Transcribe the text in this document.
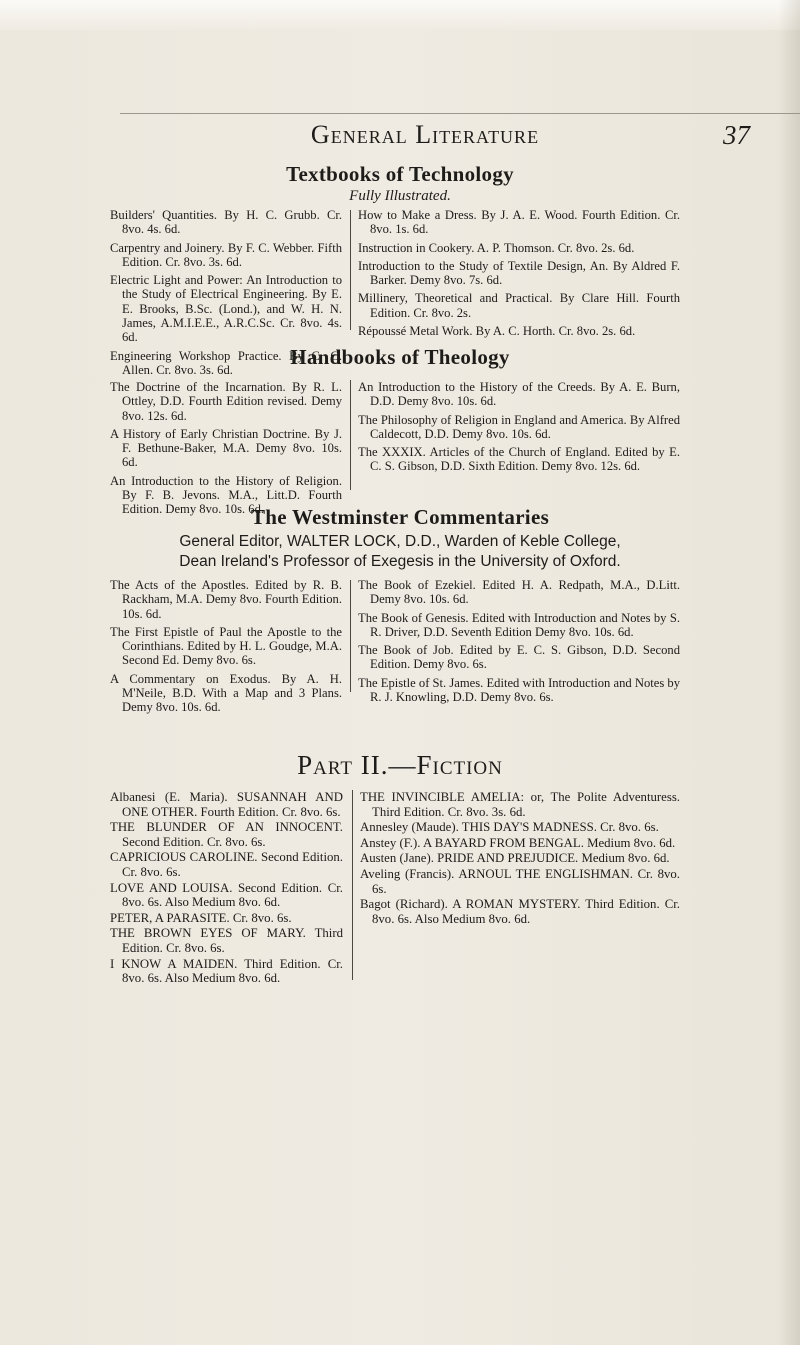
General Literature	37
Textbooks of Technology
Fully Illustrated.

Builders' Quantities. By H. C. Grubb. Cr. 8vo. 4s. 6d.

Carpentry and Joinery. By F. C. Webber. Fifth Edition. Cr. 8vo. 3s. 6d.

Electric Light and Power: An Introduction to the Study of Electrical Engineering. By E. E. Brooks, B.Sc. (Lond.), and W. H. N. James, A.M.I.E.E., A.R.C.Sc. Cr. 8vo. 4s. 6d.

Engineering Workshop Practice. By C. C. Allen. Cr. 8vo. 3s. 6d.

How to Make a Dress. By J. A. E. Wood. Fourth Edition. Cr. 8vo. 1s. 6d.

Instruction in Cookery. A. P. Thomson. Cr. 8vo. 2s. 6d.

Introduction to the Study of Textile Design, An. By Aldred F. Barker. Demy 8vo. 7s. 6d.

Millinery, Theoretical and Practical. By Clare Hill. Fourth Edition. Cr. 8vo. 2s.

Répoussé Metal Work. By A. C. Horth. Cr. 8vo. 2s. 6d.

Handbooks of Theology

The Doctrine of the Incarnation. By R. L. Ottley, D.D. Fourth Edition revised. Demy 8vo. 12s. 6d.

A History of Early Christian Doctrine. By J. F. Bethune-Baker, M.A. Demy 8vo. 10s. 6d.

An Introduction to the History of Religion. By F. B. Jevons. M.A., Litt.D. Fourth Edition. Demy 8vo. 10s. 6d.

An Introduction to the History of the Creeds. By A. E. Burn, D.D. Demy 8vo. 10s. 6d.

The Philosophy of Religion in England and America. By Alfred Caldecott, D.D. Demy 8vo. 10s. 6d.

The XXXIX. Articles of the Church of England. Edited by E. C. S. Gibson, D.D. Sixth Edition. Demy 8vo. 12s. 6d.

The Westminster Commentaries
General Editor, WALTER LOCK, D.D., Warden of Keble College,
Dean Ireland's Professor of Exegesis in the University of Oxford.

The Acts of the Apostles. Edited by R. B. Rackham, M.A. Demy 8vo. Fourth Edition. 10s. 6d.

The First Epistle of Paul the Apostle to the Corinthians. Edited by H. L. Goudge, M.A. Second Ed. Demy 8vo. 6s.

A Commentary on Exodus. By A. H. M'Neile, B.D. With a Map and 3 Plans. Demy 8vo. 10s. 6d.

The Book of Ezekiel. Edited H. A. Redpath, M.A., D.Litt. Demy 8vo. 10s. 6d.

The Book of Genesis. Edited with Introduction and Notes by S. R. Driver, D.D. Seventh Edition Demy 8vo. 10s. 6d.

The Book of Job. Edited by E. C. S. Gibson, D.D. Second Edition. Demy 8vo. 6s.

The Epistle of St. James. Edited with Introduction and Notes by R. J. Knowling, D.D. Demy 8vo. 6s.

Part II.—Fiction

Albanesi (E. Maria). SUSANNAH AND ONE OTHER. Fourth Edition. Cr. 8vo. 6s.

THE BLUNDER OF AN INNOCENT. Second Edition. Cr. 8vo. 6s.

CAPRICIOUS CAROLINE. Second Edition. Cr. 8vo. 6s.

LOVE AND LOUISA. Second Edition. Cr. 8vo. 6s. Also Medium 8vo. 6d.

PETER, A PARASITE. Cr. 8vo. 6s.

THE BROWN EYES OF MARY. Third Edition. Cr. 8vo. 6s.

I KNOW A MAIDEN. Third Edition. Cr. 8vo. 6s. Also Medium 8vo. 6d.

THE INVINCIBLE AMELIA: or, The Polite Adventuress. Third Edition. Cr. 8vo. 3s. 6d.

Annesley (Maude). THIS DAY'S MADNESS. Cr. 8vo. 6s.

Anstey (F.). A BAYARD FROM BENGAL. Medium 8vo. 6d.

Austen (Jane). PRIDE AND PREJUDICE. Medium 8vo. 6d.

Aveling (Francis). ARNOUL THE ENGLISHMAN. Cr. 8vo. 6s.

Bagot (Richard). A ROMAN MYSTERY. Third Edition. Cr. 8vo. 6s. Also Medium 8vo. 6d.
